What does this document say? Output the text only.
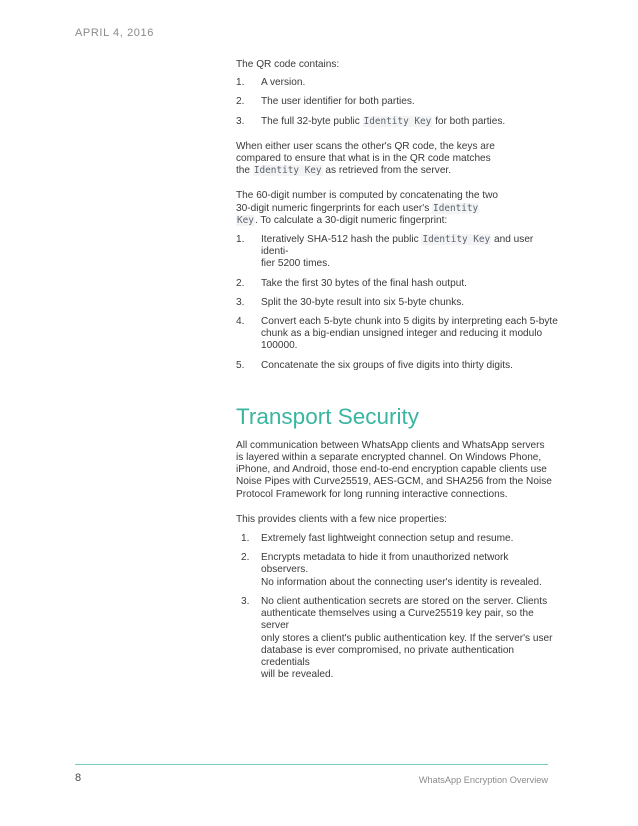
APRIL 4, 2016

The QR code contains:

1. A version.
2. The user identifier for both parties.
3. The full 32-byte public Identity Key for both parties.

When either user scans the other's QR code, the keys are
compared to ensure that what is in the QR code matches
the Identity Key as retrieved from the server.

The 60-digit number is computed by concatenating the two
30-digit numeric fingerprints for each user's Identity
Key. To calculate a 30-digit numeric fingerprint:

1. Iteratively SHA-512 hash the public Identity Key and user identi-
fier 5200 times.
2. Take the first 30 bytes of the final hash output.
3. Split the 30-byte result into six 5-byte chunks.
4. Convert each 5-byte chunk into 5 digits by interpreting each 5-byte
chunk as a big-endian unsigned integer and reducing it modulo
100000.
5. Concatenate the six groups of five digits into thirty digits.
Transport Security

All communication between WhatsApp clients and WhatsApp servers
is layered within a separate encrypted channel. On Windows Phone,
iPhone, and Android, those end-to-end encryption capable clients use
Noise Pipes with Curve25519, AES-GCM, and SHA256 from the Noise
Protocol Framework for long running interactive connections.

This provides clients with a few nice properties:

1. Extremely fast lightweight connection setup and resume.
2. Encrypts metadata to hide it from unauthorized network observers.
No information about the connecting user's identity is revealed.
3. No client authentication secrets are stored on the server. Clients
authenticate themselves using a Curve25519 key pair, so the server
only stores a client's public authentication key. If the server's user
database is ever compromised, no private authentication credentials
will be revealed.
8	WhatsApp Encryption Overview
